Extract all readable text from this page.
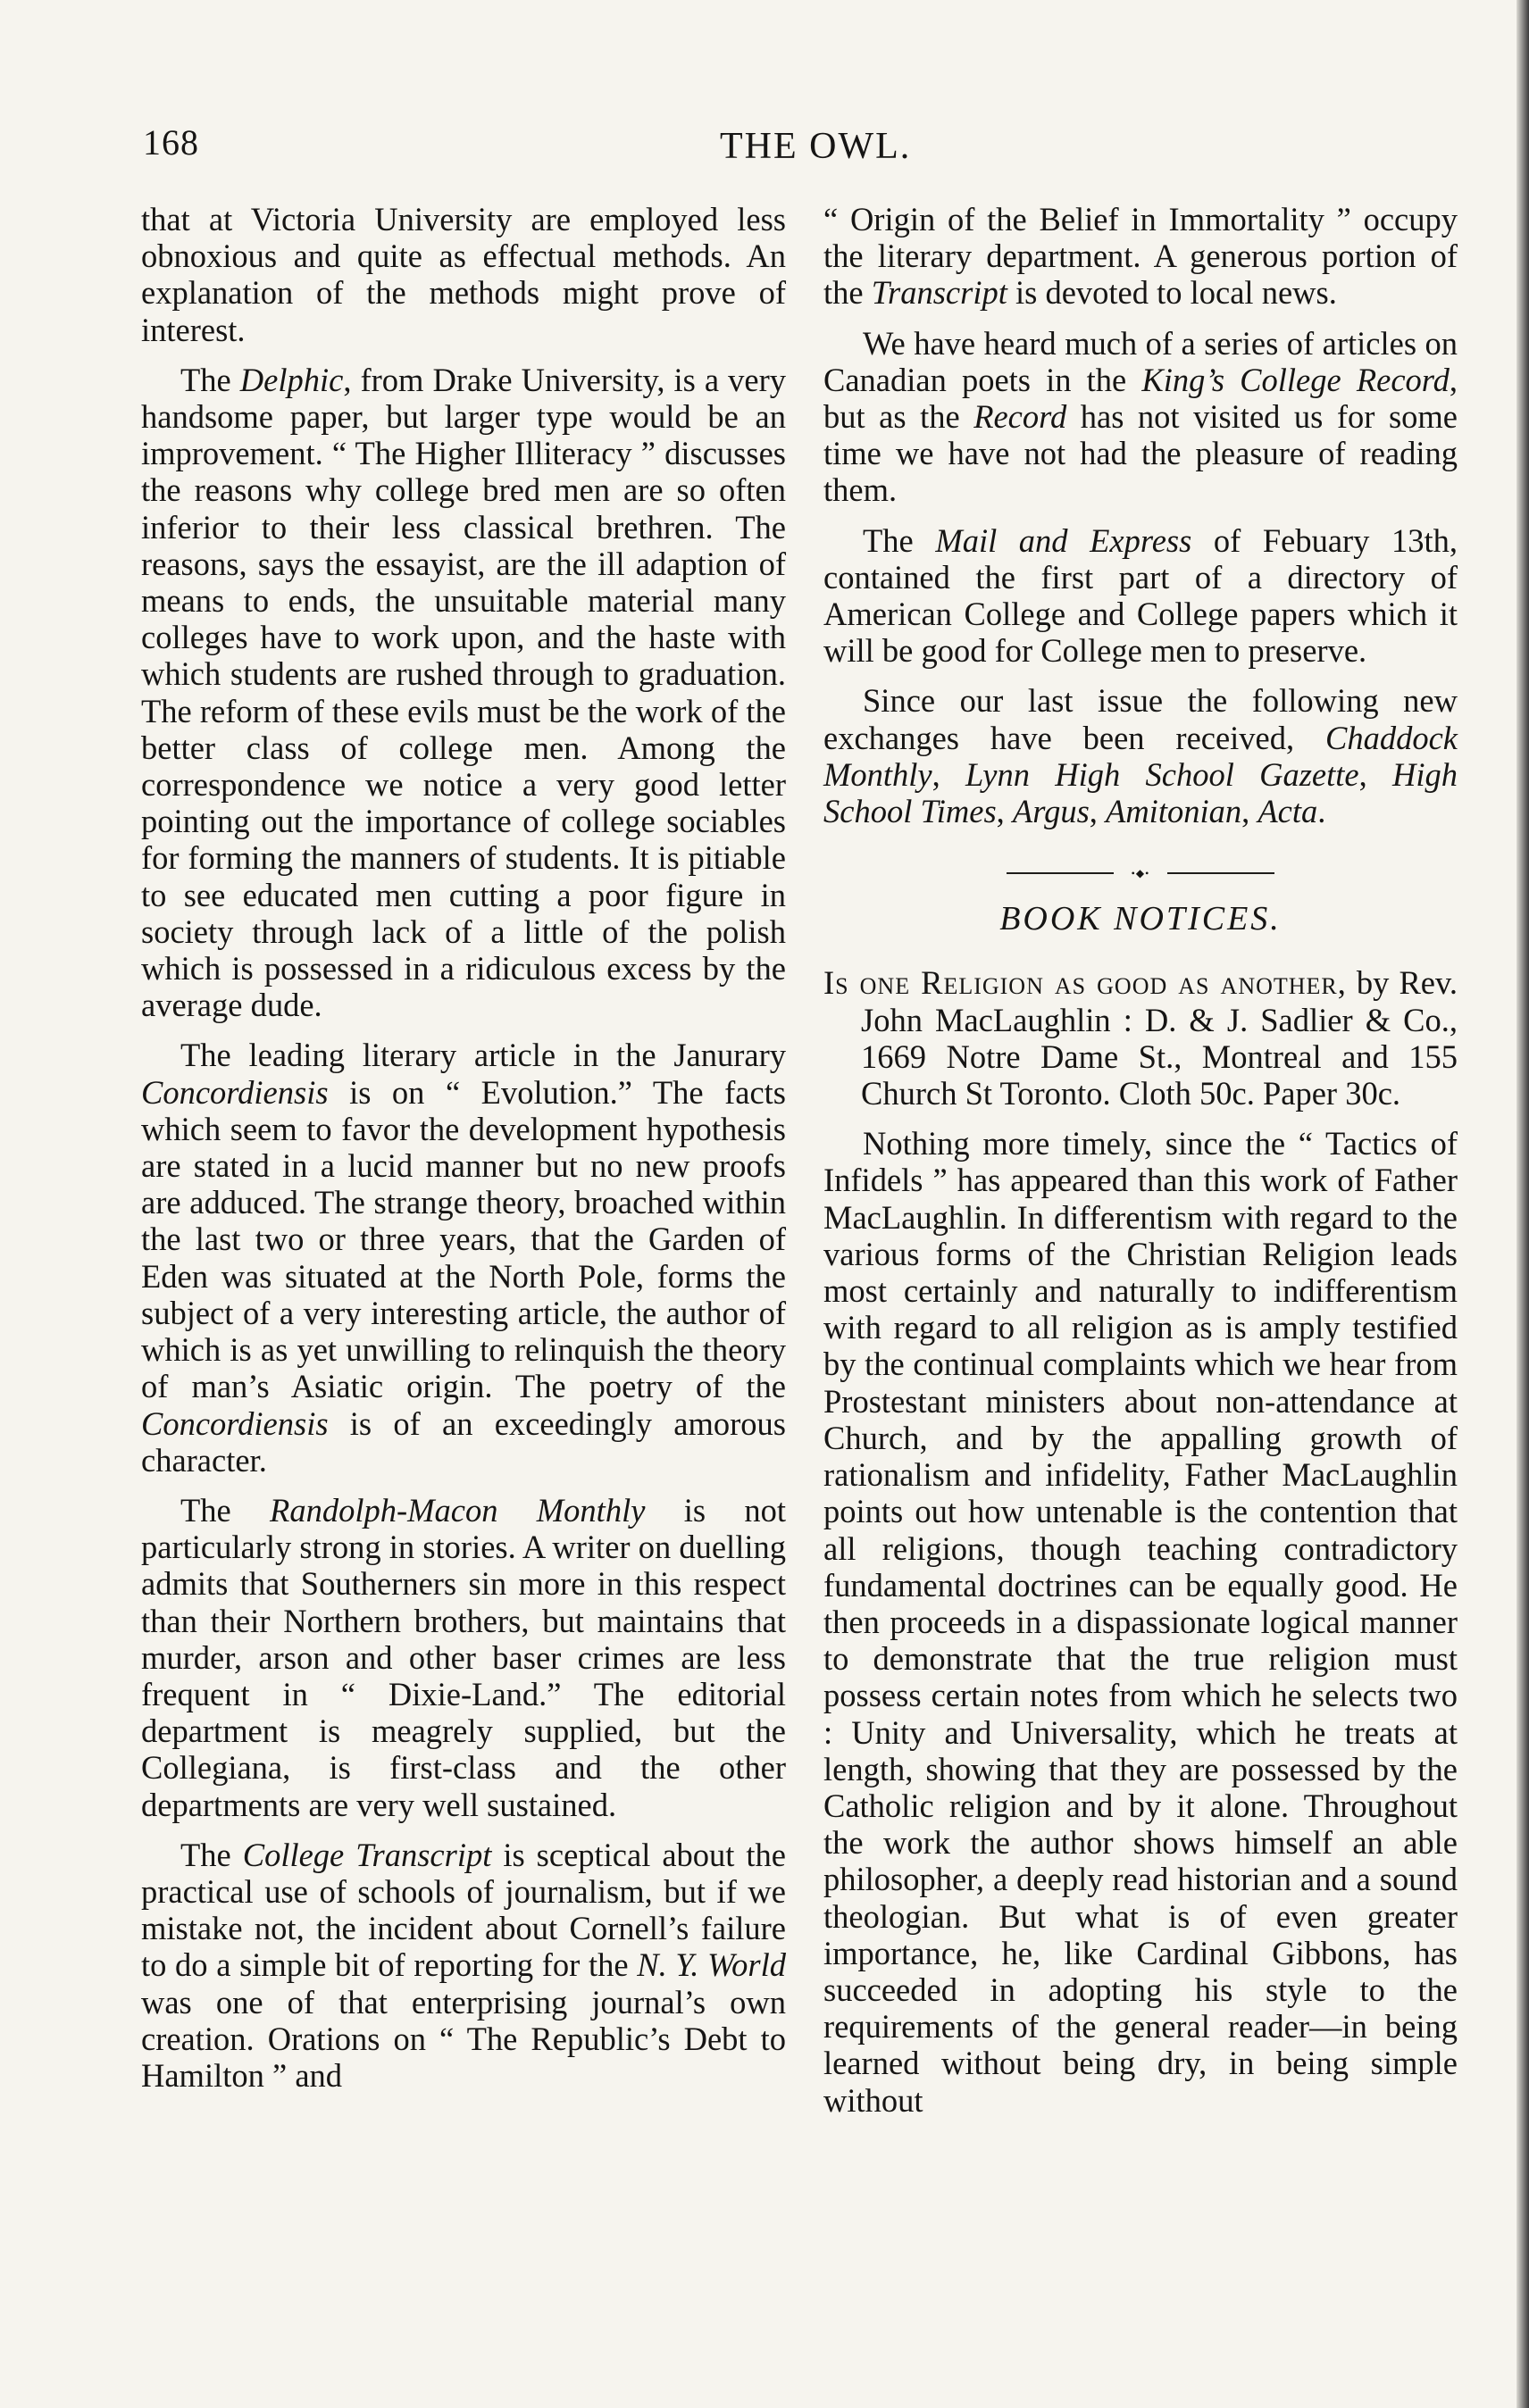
168	THE OWL.

that at Victoria University are employed less obnoxious and quite as effectual methods. An explanation of the methods might prove of interest.

The Delphic, from Drake University, is a very handsome paper, but larger type would be an improvement. “ The Higher Illiteracy ” discusses the reasons why college bred men are so often inferior to their less classical brethren. The reasons, says the essayist, are the ill adaption of means to ends, the unsuitable material many colleges have to work upon, and the haste with which students are rushed through to graduation. The reform of these evils must be the work of the better class of college men. Among the correspondence we notice a very good letter pointing out the importance of college sociables for forming the manners of students. It is pitiable to see educated men cutting a poor figure in society through lack of a little of the polish which is possessed in a ridiculous excess by the average dude.

The leading literary article in the Janurary Concordiensis is on “ Evolution.” The facts which seem to favor the development hypothesis are stated in a lucid manner but no new proofs are adduced. The strange theory, broached within the last two or three years, that the Garden of Eden was situated at the North Pole, forms the subject of a very interesting article, the author of which is as yet unwilling to relinquish the theory of man’s Asiatic origin. The poetry of the Concordiensis is of an exceedingly amorous character.

The Randolph-Macon Monthly is not particularly strong in stories. A writer on duelling admits that Southerners sin more in this respect than their Northern brothers, but maintains that murder, arson and other baser crimes are less frequent in “ Dixie-Land.” The editorial department is meagrely supplied, but the Collegiana, is first-class and the other departments are very well sustained.

The College Transcript is sceptical about the practical use of schools of journalism, but if we mistake not, the incident about Cornell’s failure to do a simple bit of reporting for the N. Y. World was one of that enterprising journal’s own creation. Orations on “ The Republic’s Debt to Hamilton ” and

“ Origin of the Belief in Immortality ” occupy the literary department. A generous portion of the Transcript is devoted to local news.

We have heard much of a series of articles on Canadian poets in the King’s College Record, but as the Record has not visited us for some time we have not had the pleasure of reading them.

The Mail and Express of Febuary 13th, contained the first part of a directory of American College and College papers which it will be good for College men to preserve.

Since our last issue the following new exchanges have been received, Chaddock Monthly, Lynn High School Gazette, High School Times, Argus, Amitonian, Acta.

•◆•
BOOK NOTICES.

Is one Religion as good as another, by Rev. John MacLaughlin : D. & J. Sadlier & Co., 1669 Notre Dame St., Montreal and 155 Church St Toronto. Cloth 50c. Paper 30c.

Nothing more timely, since the “ Tactics of Infidels ” has appeared than this work of Father MacLaughlin. In differentism with regard to the various forms of the Christian Religion leads most certainly and naturally to indifferentism with regard to all religion as is amply testified by the continual complaints which we hear from Prostestant ministers about non-attendance at Church, and by the appalling growth of rationalism and infidelity, Father MacLaughlin points out how untenable is the contention that all religions, though teaching contradictory fundamental doctrines can be equally good. He then proceeds in a dispassionate logical manner to demonstrate that the true religion must possess certain notes from which he selects two : Unity and Universality, which he treats at length, showing that they are possessed by the Catholic religion and by it alone. Throughout the work the author shows himself an able philosopher, a deeply read historian and a sound theologian. But what is of even greater importance, he, like Cardinal Gibbons, has succeeded in adopting his style to the requirements of the general reader—in being learned without being dry, in being simple without
